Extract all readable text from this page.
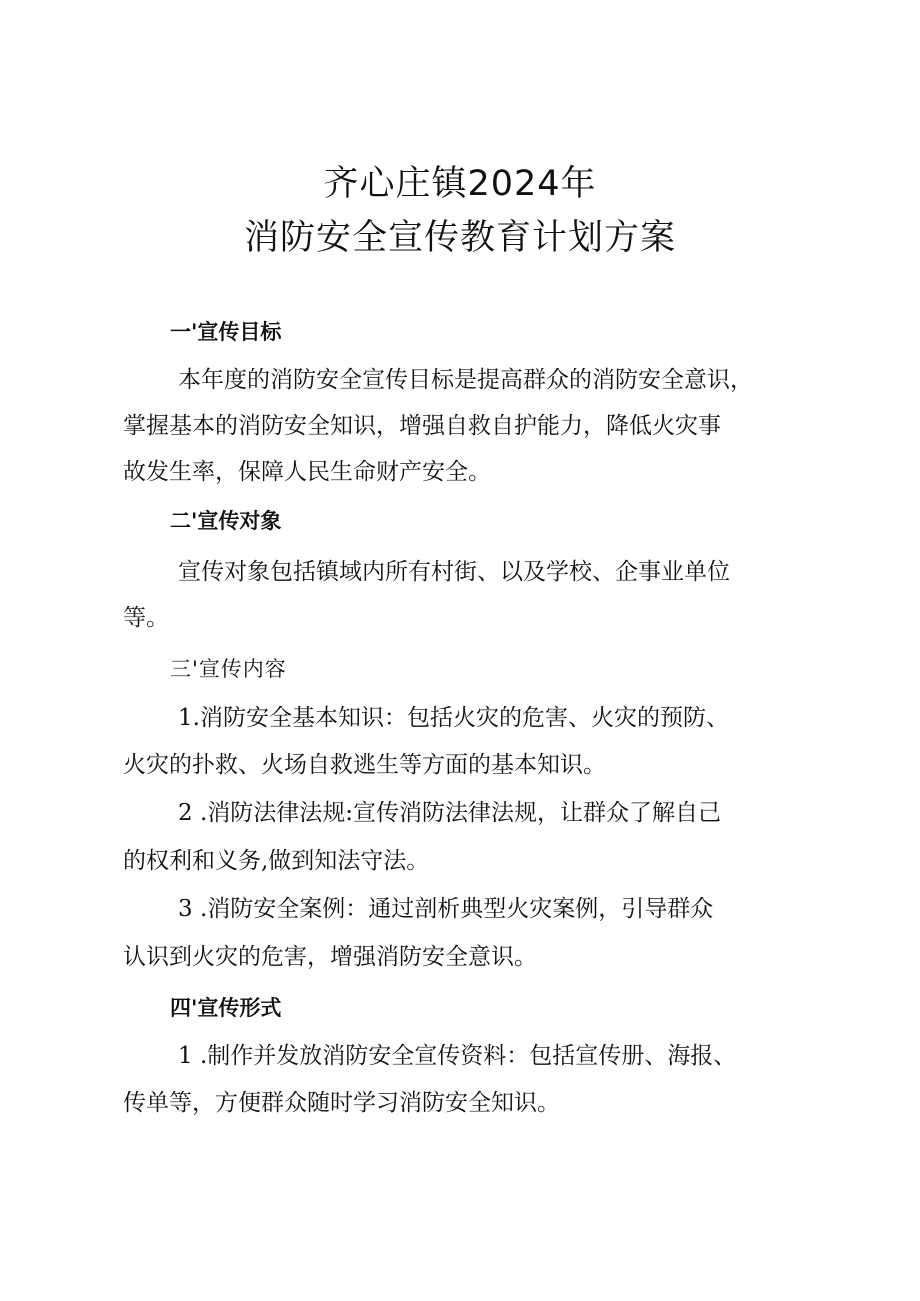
齐心庄镇2024年
消防安全宣传教育计划方案
一'宣传目标
本年度的消防安全宣传目标是提高群众的消防安全意识，
掌握基本的消防安全知识，增强自救自护能力，降低火灾事
故发生率，保障人民生命财产安全。
二'宣传对象
宣传对象包括镇域内所有村街、以及学校、企事业单位
等。
三'宣传内容
1.消防安全基本知识：包括火灾的危害、火灾的预防、
火灾的扑救、火场自救逃生等方面的基本知识。
2 .消防法律法规:宣传消防法律法规，让群众了解自己
的权利和义务,做到知法守法。
3 .消防安全案例：通过剖析典型火灾案例，引导群众
认识到火灾的危害，增强消防安全意识。
四'宣传形式
1 .制作并发放消防安全宣传资料：包括宣传册、海报、
传单等，方便群众随时学习消防安全知识。
